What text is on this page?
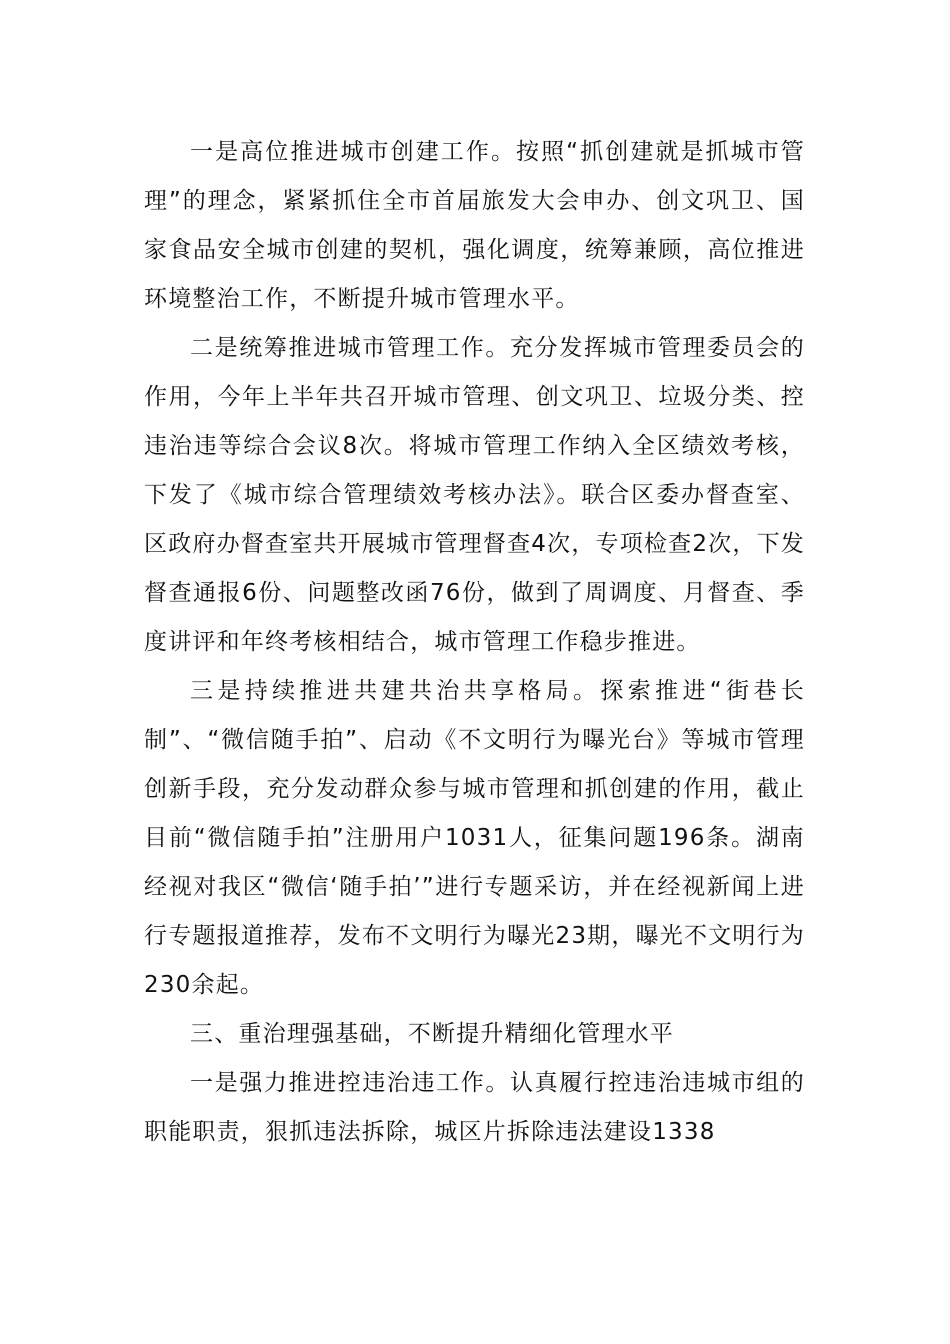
一是高位推进城市创建工作。按照“抓创建就是抓城市管理”的理念，紧紧抓住全市首届旅发大会申办、创文巩卫、国家食品安全城市创建的契机，强化调度，统筹兼顾，高位推进环境整治工作，不断提升城市管理水平。

二是统筹推进城市管理工作。充分发挥城市管理委员会的作用，今年上半年共召开城市管理、创文巩卫、垃圾分类、控违治违等综合会议8次。将城市管理工作纳入全区绩效考核，下发了《城市综合管理绩效考核办法》。联合区委办督查室、区政府办督查室共开展城市管理督查4次，专项检查2次，下发督查通报6份、问题整改函76份，做到了周调度、月督查、季度讲评和年终考核相结合，城市管理工作稳步推进。

三是持续推进共建共治共享格局。探索推进“街巷长制”、“微信随手拍”、启动《不文明行为曝光台》等城市管理创新手段，充分发动群众参与城市管理和抓创建的作用，截止目前“微信随手拍”注册用户1031人，征集问题196条。湖南经视对我区“微信‘随手拍’”进行专题采访，并在经视新闻上进行专题报道推荐，发布不文明行为曝光23期，曝光不文明行为230余起。

三、重治理强基础，不断提升精细化管理水平

一是强力推进控违治违工作。认真履行控违治违城市组的职能职责，狠抓违法拆除，城区片拆除违法建设1338
